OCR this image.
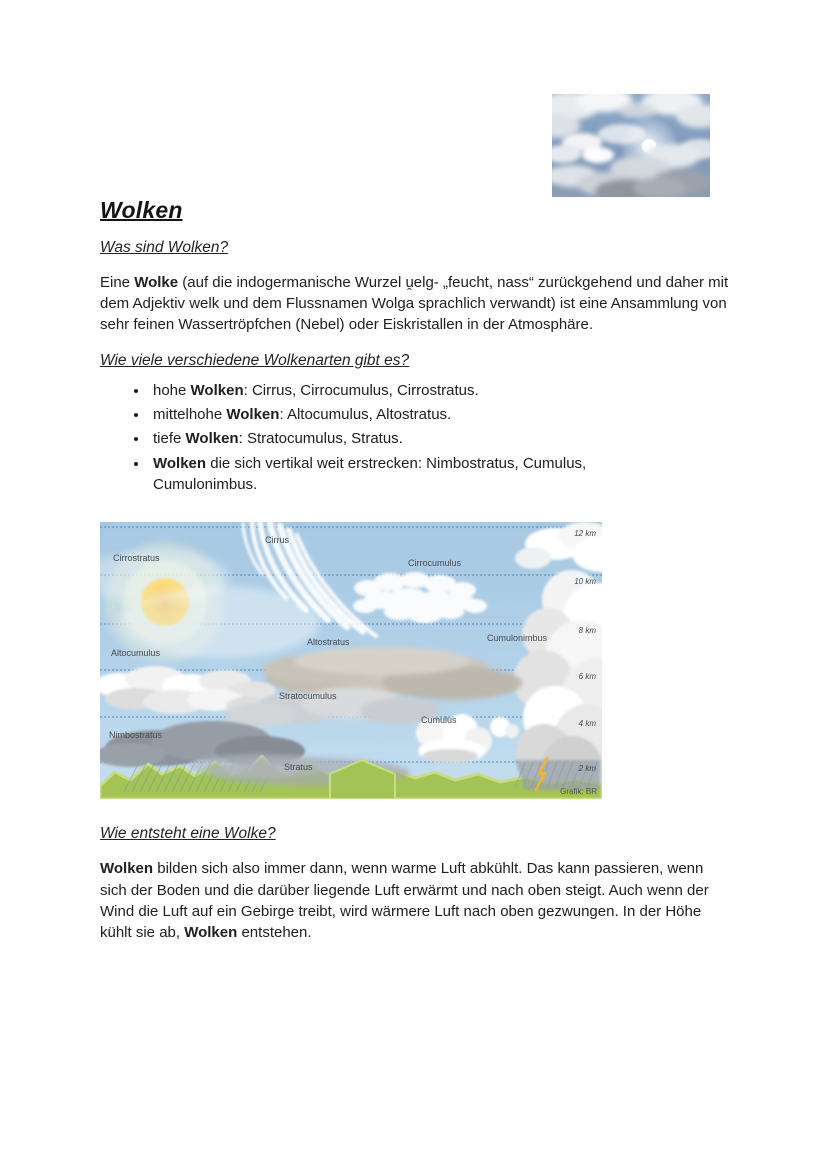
Wolken
Was sind Wolken?

Eine Wolke (auf die indogermanische Wurzel u̯elg- „feucht, nass“ zurückgehend und daher mit dem Adjektiv welk und dem Flussnamen Wolga sprachlich verwandt) ist eine Ansammlung von sehr feinen Wassertröpfchen (Nebel) oder Eiskristallen in der Atmosphäre.

Wie viele verschiedene Wolkenarten gibt es?
• hohe Wolken: Cirrus, Cirrocumulus, Cirrostratus.
• mittelhohe Wolken: Altocumulus, Altostratus.
• tiefe Wolken: Stratocumulus, Stratus.
• Wolken die sich vertikal weit erstrecken: Nimbostratus, Cumulus, Cumulonimbus.
Cirrus
Cirrostratus	Cirrocumulus
Altostratus	Cumulonimbus
Altocumulus
Stratocumulus
Cumulus
Nimbostratus
Stratus
12 km
10 km
8 km
6 km
4 km
2 km
Grafik: BR
Wie entsteht eine Wolke?

Wolken bilden sich also immer dann, wenn warme Luft abkühlt. Das kann passieren, wenn sich der Boden und die darüber liegende Luft erwärmt und nach oben steigt. Auch wenn der Wind die Luft auf ein Gebirge treibt, wird wärmere Luft nach oben gezwungen. In der Höhe kühlt sie ab, Wolken entstehen.
